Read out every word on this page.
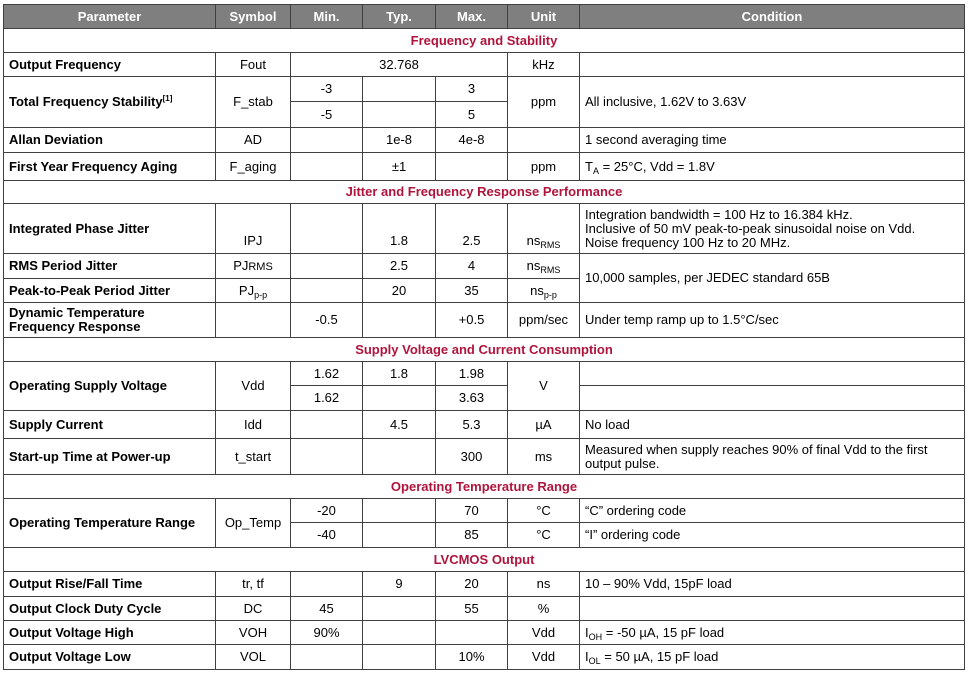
Parameter	Symbol	Min.	Typ.	Max.	Unit	Condition
Frequency and Stability						
Output Frequency	Fout	32.768			kHz	
Total Frequency Stability[1]	F_stab	-3		3	ppm	All inclusive, 1.62V to 3.63V
		-5		5		
Allan Deviation	AD		1e-8	4e-8		1 second averaging time
First Year Frequency Aging	F_aging		±1		ppm	$T_A = 25^\circ C$, Vdd = 1.8V
Jitter and Frequency Response Performance						
Integrated Phase Jitter	IPJ		1.8	2.5	$ns_{RMS}$	Integration bandwidth = 100 Hz to 16.384 kHz.
Inclusive of 50 mV peak-to-peak sinusoidal noise on Vdd.
Noise frequency 100 Hz to 20 MHz.

RMS Period Jitter	PJRMS		2.5	4	$ns_{RMS}$	10,000 samples, per JEDEC standard 65B
Peak-to-Peak Period Jitter	$PJ_{p-p}$		20	35	$ns_{p-p}$

Dynamic Temperature
Frequency Response		-0.5		+0.5	ppm/sec	Under temp ramp up to 1.5°C/sec
Supply Voltage and Current Consumption						
Operating Supply Voltage	Vdd	1.62	1.8	1.98	V	
		1.62		3.63		
Supply Current	Idd		4.5	5.3	µA	No load
Start-up Time at Power-up	t_start			300	ms	Measured when supply reaches 90% of final Vdd to the first output pulse.
Operating Temperature Range						
Operating Temperature Range	Op_Temp	-20		70	°C	“C” ordering code
		-40		85	°C	“I” ordering code
LVCMOS Output						
Output Rise/Fall Time	tr, tf		9	20	ns	10 – 90% Vdd, 15pF load
Output Clock Duty Cycle	DC	45		55	%	
Output Voltage High	VOH	90%			Vdd	$I_{OH} = -50$ µA, 15 pF load
Output Voltage Low	VOL			10%	Vdd	$I_{OL} = 50$ µA, 15 pF load
